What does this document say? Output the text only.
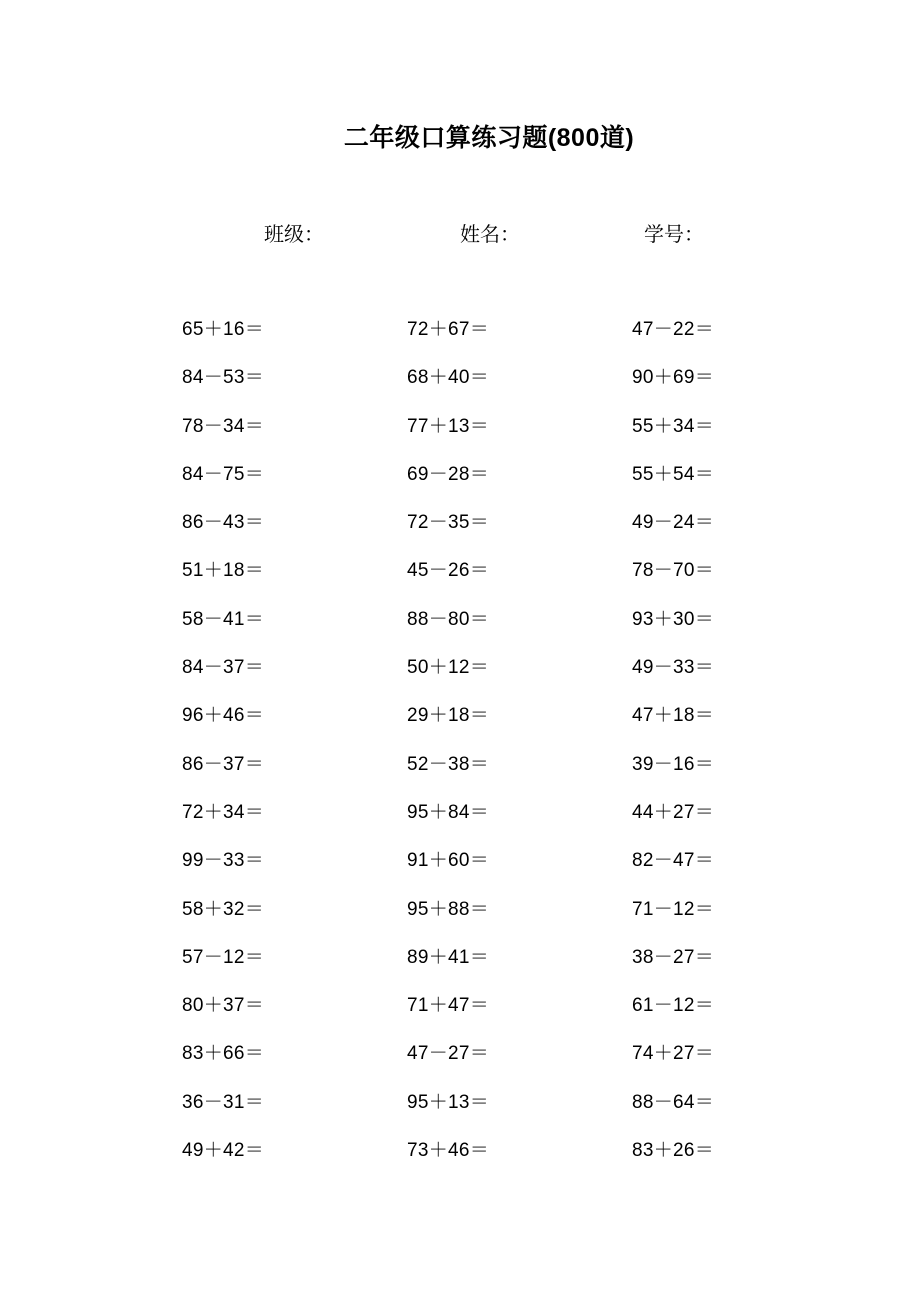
二年级口算练习题(800道)
班级：	姓名：	学号：
65＋16＝	72＋67＝	47－22＝
84－53＝	68＋40＝	90＋69＝
78－34＝	77＋13＝	55＋34＝
84－75＝	69－28＝	55＋54＝
86－43＝	72－35＝	49－24＝
51＋18＝	45－26＝	78－70＝
58－41＝	88－80＝	93＋30＝
84－37＝	50＋12＝	49－33＝
96＋46＝	29＋18＝	47＋18＝
86－37＝	52－38＝	39－16＝
72＋34＝	95＋84＝	44＋27＝
99－33＝	91＋60＝	82－47＝
58＋32＝	95＋88＝	71－12＝
57－12＝	89＋41＝	38－27＝
80＋37＝	71＋47＝	61－12＝
83＋66＝	47－27＝	74＋27＝
36－31＝	95＋13＝	88－64＝
49＋42＝	73＋46＝	83＋26＝
